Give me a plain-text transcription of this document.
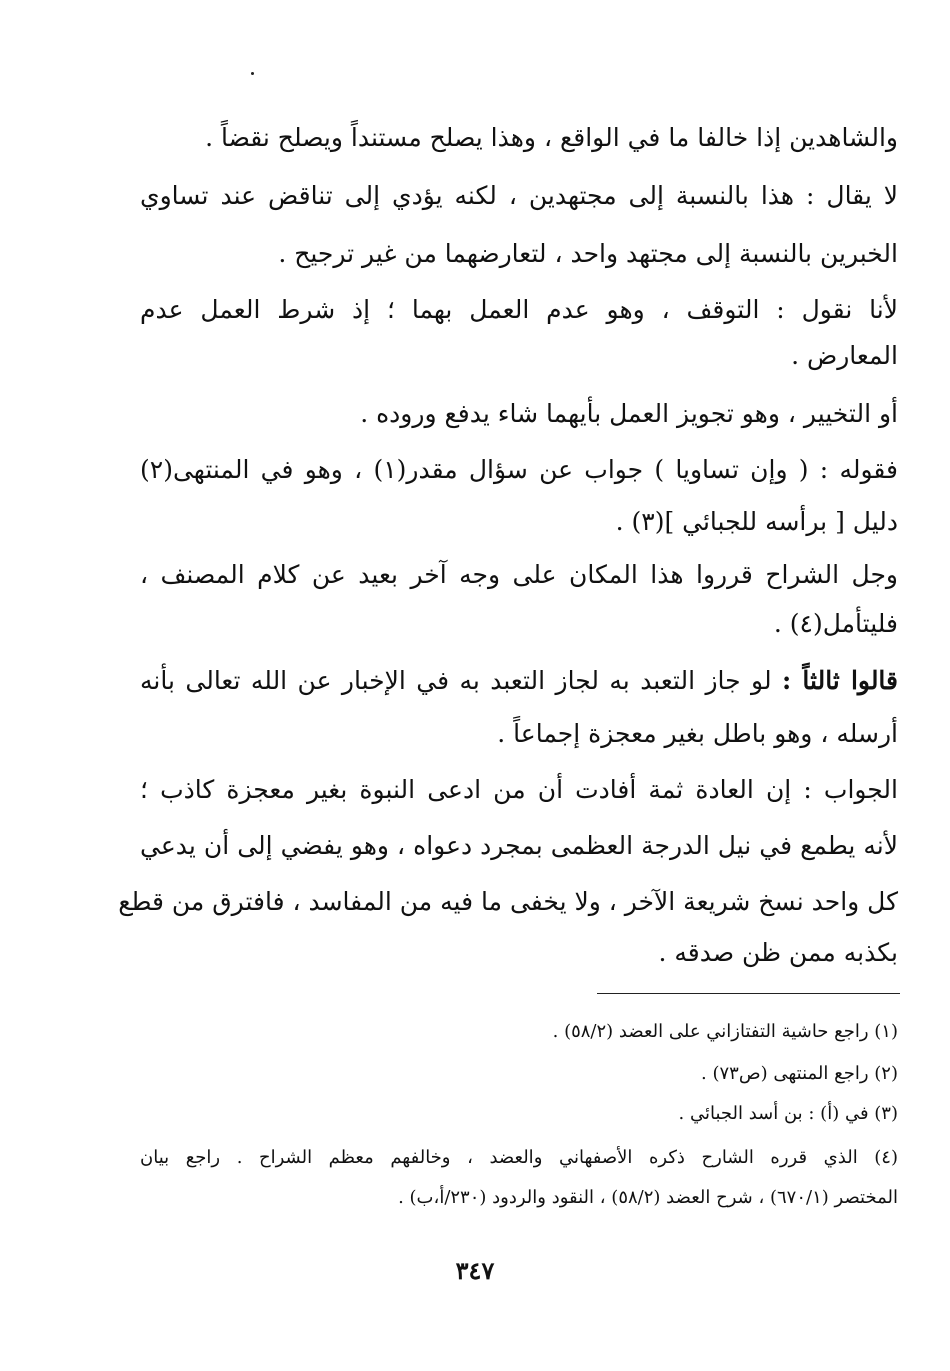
والشاهدين إذا خالفا ما في الواقع ، وهذا يصلح مستنداً ويصلح نقضاً .
لا يقال : هذا بالنسبة إلى مجتهدين ، لكنه يؤدي إلى تناقض عند تساوي
الخبرين بالنسبة إلى مجتهد واحد ، لتعارضهما من غير ترجيح .
لأنا نقول : التوقف ، وهو عدم العمل بهما ؛ إذ شرط العمل عدم
المعارض .
أو التخيير ، وهو تجويز العمل بأيهما شاء يدفع وروده .
فقوله : ( وإن تساويا ) جواب عن سؤال مقدر(١) ، وهو في المنتهى(٢)
دليل [ برأسه للجبائي ](٣) .
وجل الشراح قرروا هذا المكان على وجه آخر بعيد عن كلام المصنف ،
فليتأمل(٤) .
قالوا ثالثاً : لو جاز التعبد به لجاز التعبد به في الإخبار عن الله تعالى بأنه
أرسله ، وهو باطل بغير معجزة إجماعاً .
الجواب : إن العادة ثمة أفادت أن من ادعى النبوة بغير معجزة كاذب ؛
لأنه يطمع في نيل الدرجة العظمى بمجرد دعواه ، وهو يفضي إلى أن يدعي
كل واحد نسخ شريعة الآخر ، ولا يخفى ما فيه من المفاسد ، فافترق من قطع
بكذبه ممن ظن صدقه .
(١) راجع حاشية التفتازاني على العضد (٥٨/٢) .
(٢) راجع المنتهى (ص٧٣) .
(٣) في (أ) : بن أسد الجبائي .
(٤) الذي قرره الشارح ذكره الأصفهاني والعضد ، وخالفهم معظم الشراح . راجع بيان
المختصر (٦٧٠/١) ، شرح العضد (٥٨/٢) ، النقود والردود (٢٣٠/أ،ب) .
٣٤٧
